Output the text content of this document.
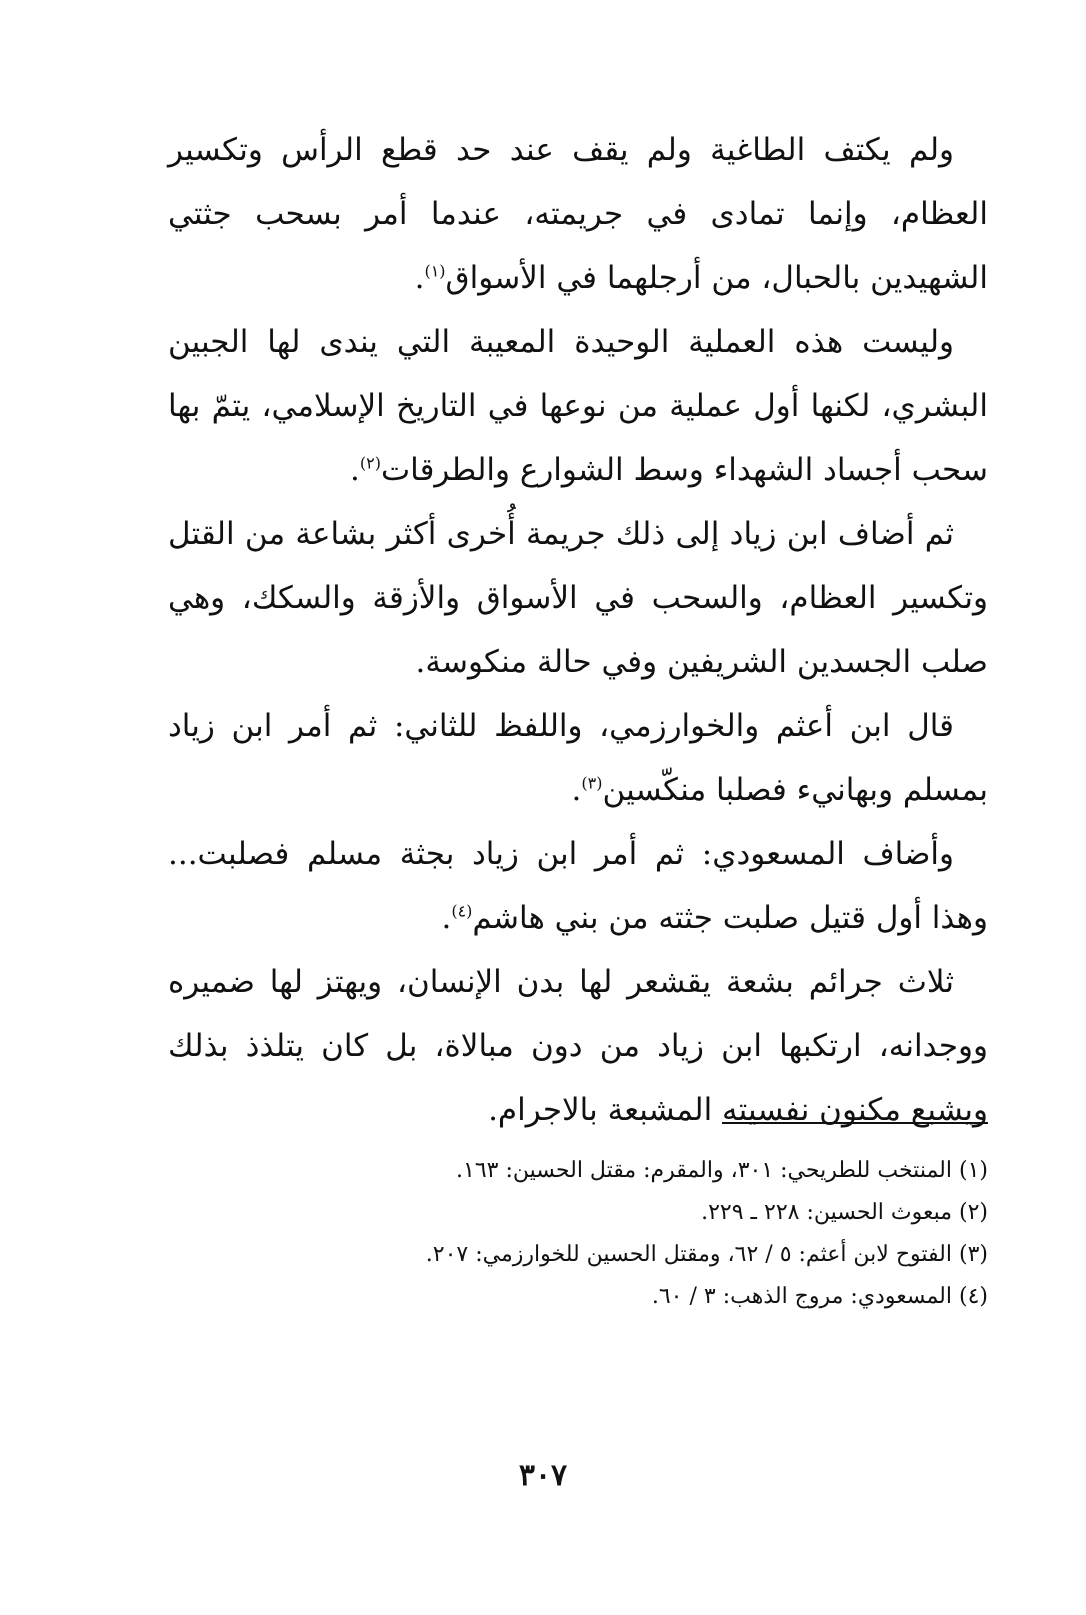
ولم يكتف الطاغية ولم يقف عند حد قطع الرأس وتكسير العظام، وإنما تمادى في جريمته، عندما أمر بسحب جثتي الشهيدين بالحبال، من أرجلهما في الأسواق$^{(١)}$.

وليست هذه العملية الوحيدة المعيبة التي يندى لها الجبين البشري، لكنها أول عملية من نوعها في التاريخ الإسلامي، يتمّ بها سحب أجساد الشهداء وسط الشوارع والطرقات$^{(٢)}$.

ثم أضاف ابن زياد إلى ذلك جريمة أُخرى أكثر بشاعة من القتل وتكسير العظام، والسحب في الأسواق والأزقة والسكك، وهي صلب الجسدين الشريفين وفي حالة منكوسة.

قال ابن أعثم والخوارزمي، واللفظ للثاني: ثم أمر ابن زياد بمسلم وبهانيء فصلبا منكّسين$^{(٣)}$.

وأضاف المسعودي: ثم أمر ابن زياد بجثة مسلم فصلبت... وهذا أول قتيل صلبت جثته من بني هاشم$^{(٤)}$.

ثلاث جرائم بشعة يقشعر لها بدن الإنسان، ويهتز لها ضميره ووجدانه، ارتكبها ابن زياد من دون مبالاة، بل كان يتلذذ بذلك ويشبع مكنون نفسيته المشبعة بالاجرام.

(١) المنتخب للطريحي: ٣٠١، والمقرم: مقتل الحسين: ١٦٣.

(٢) مبعوث الحسين: ٢٢٨ ـ ٢٢٩.

(٣) الفتوح لابن أعثم: ٥ / ٦٢، ومقتل الحسين للخوارزمي: ٢٠٧.

(٤) المسعودي: مروج الذهب: ٣ / ٦٠.

٣٠٧
